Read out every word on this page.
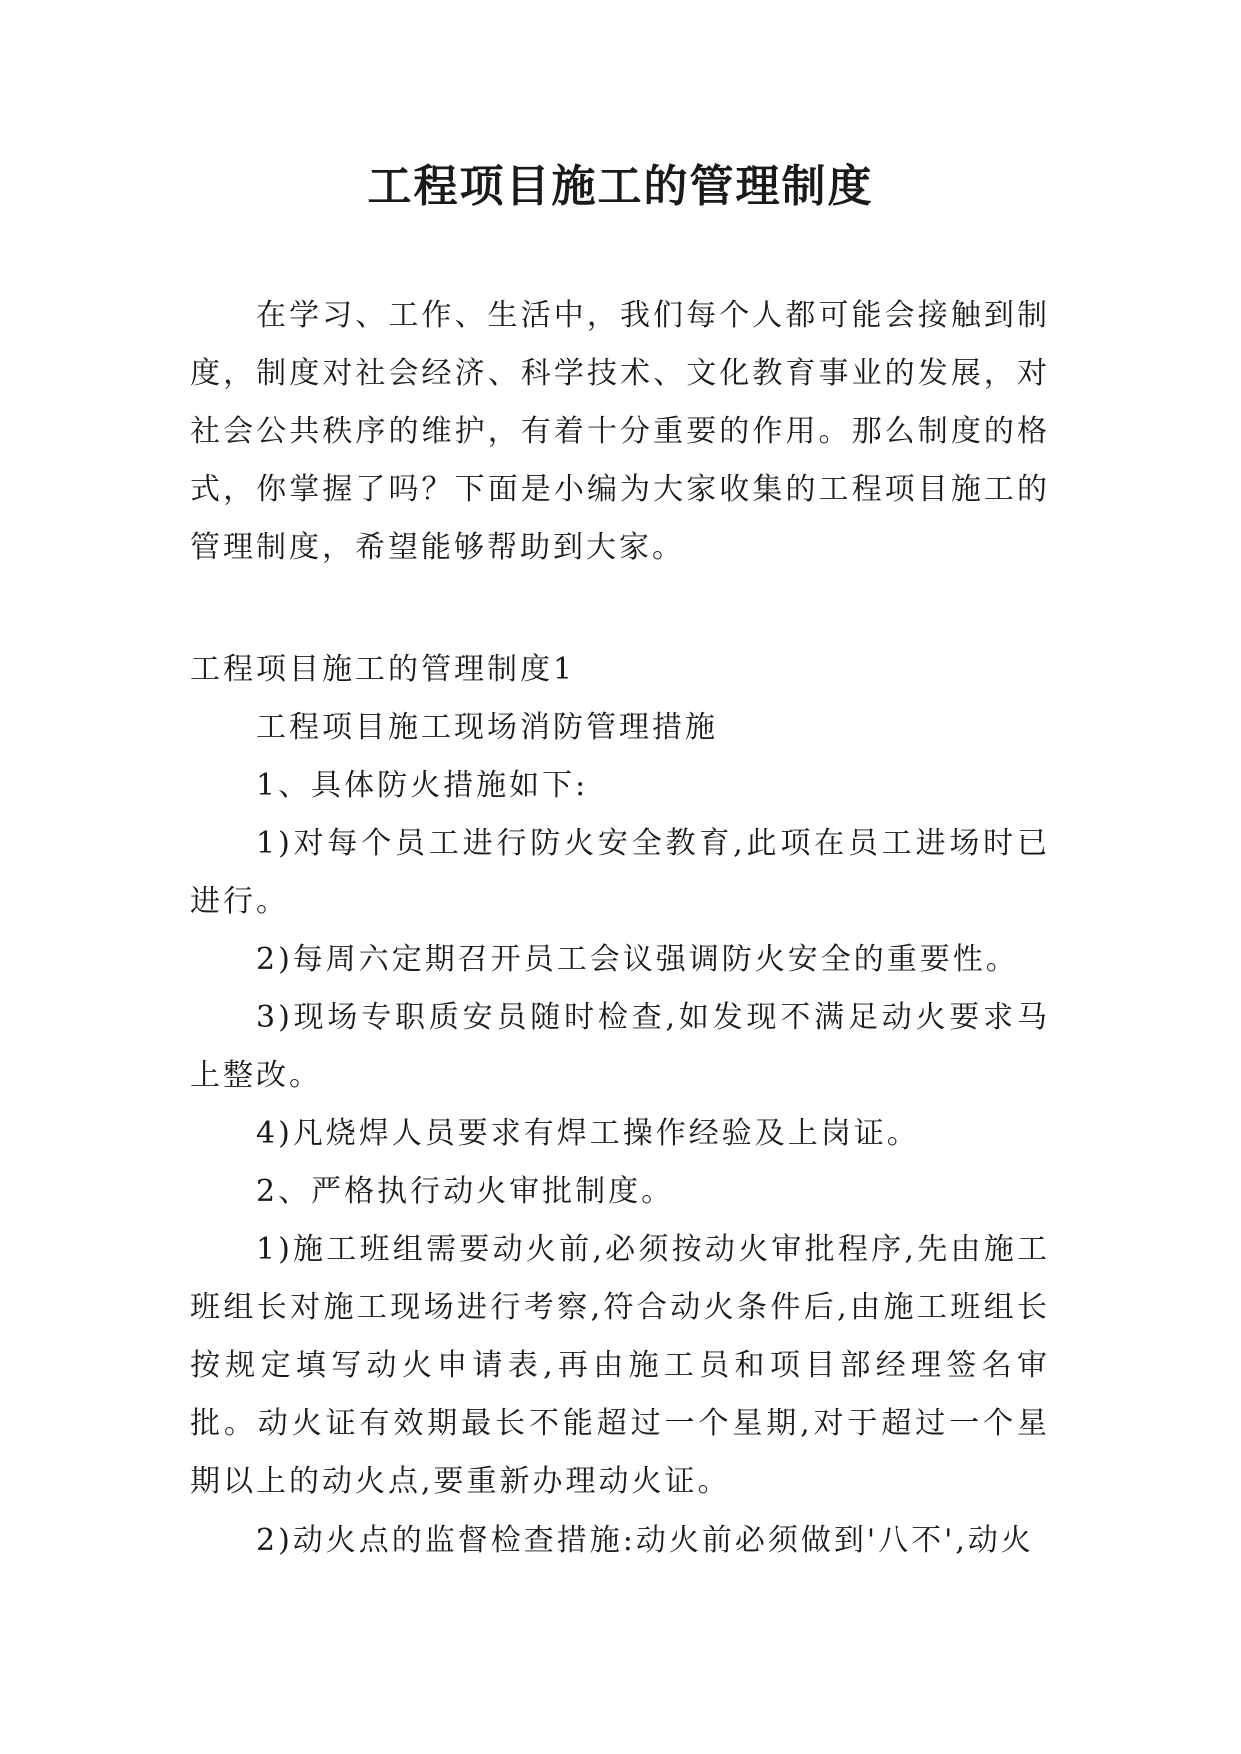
工程项目施工的管理制度

在学习、工作、生活中，我们每个人都可能会接触到制度，制度对社会经济、科学技术、文化教育事业的发展，对社会公共秩序的维护，有着十分重要的作用。那么制度的格式，你掌握了吗？下面是小编为大家收集的工程项目施工的管理制度，希望能够帮助到大家。

工程项目施工的管理制度1

工程项目施工现场消防管理措施

1、具体防火措施如下:

1)对每个员工进行防火安全教育,此项在员工进场时已进行。

2)每周六定期召开员工会议强调防火安全的重要性。

3)现场专职质安员随时检查,如发现不满足动火要求马上整改。

4)凡烧焊人员要求有焊工操作经验及上岗证。

2、严格执行动火审批制度。

1)施工班组需要动火前,必须按动火审批程序,先由施工班组长对施工现场进行考察,符合动火条件后,由施工班组长按规定填写动火申请表,再由施工员和项目部经理签名审批。动火证有效期最长不能超过一个星期,对于超过一个星期以上的动火点,要重新办理动火证。

2)动火点的监督检查措施:动火前必须做到'八不',动火
